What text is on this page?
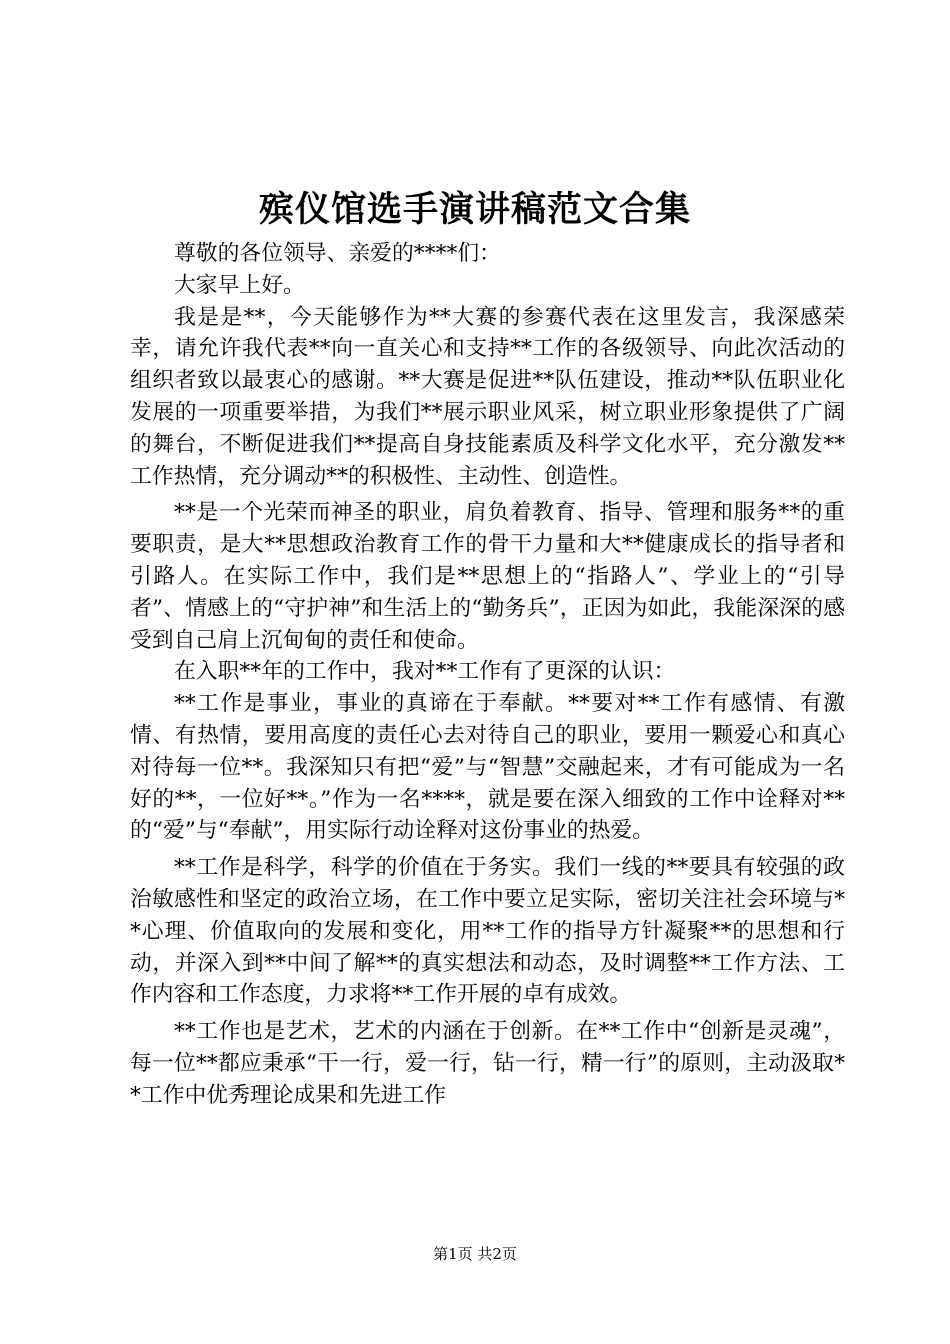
殡仪馆选手演讲稿范文合集

尊敬的各位领导、亲爱的****们：

大家早上好。

我是是**，今天能够作为**大赛的参赛代表在这里发言，我深感荣幸，请允许我代表**向一直关心和支持**工作的各级领导、向此次活动的组织者致以最衷心的感谢。**大赛是促进**队伍建设，推动**队伍职业化发展的一项重要举措，为我们**展示职业风采，树立职业形象提供了广阔的舞台，不断促进我们**提高自身技能素质及科学文化水平，充分激发**工作热情，充分调动**的积极性、主动性、创造性。

**是一个光荣而神圣的职业，肩负着教育、指导、管理和服务**的重要职责，是大**思想政治教育工作的骨干力量和大**健康成长的指导者和引路人。在实际工作中，我们是**思想上的“指路人”、学业上的“引导者”、情感上的“守护神”和生活上的“勤务兵”，正因为如此，我能深深的感受到自己肩上沉甸甸的责任和使命。

在入职**年的工作中，我对**工作有了更深的认识：

**工作是事业，事业的真谛在于奉献。**要对**工作有感情、有激情、有热情，要用高度的责任心去对待自己的职业，要用一颗爱心和真心对待每一位**。我深知只有把“爱”与“智慧”交融起来，才有可能成为一名好的**，一位好**。”作为一名****，就是要在深入细致的工作中诠释对**的“爱”与“奉献”，用实际行动诠释对这份事业的热爱。

**工作是科学，科学的价值在于务实。我们一线的**要具有较强的政治敏感性和坚定的政治立场，在工作中要立足实际，密切关注社会环境与**心理、价值取向的发展和变化，用**工作的指导方针凝聚**的思想和行动，并深入到**中间了解**的真实想法和动态，及时调整**工作方法、工作内容和工作态度，力求将**工作开展的卓有成效。

**工作也是艺术，艺术的内涵在于创新。在**工作中“创新是灵魂”，每一位**都应秉承“干一行，爱一行，钻一行，精一行”的原则，主动汲取**工作中优秀理论成果和先进工作

第1页 共2页
